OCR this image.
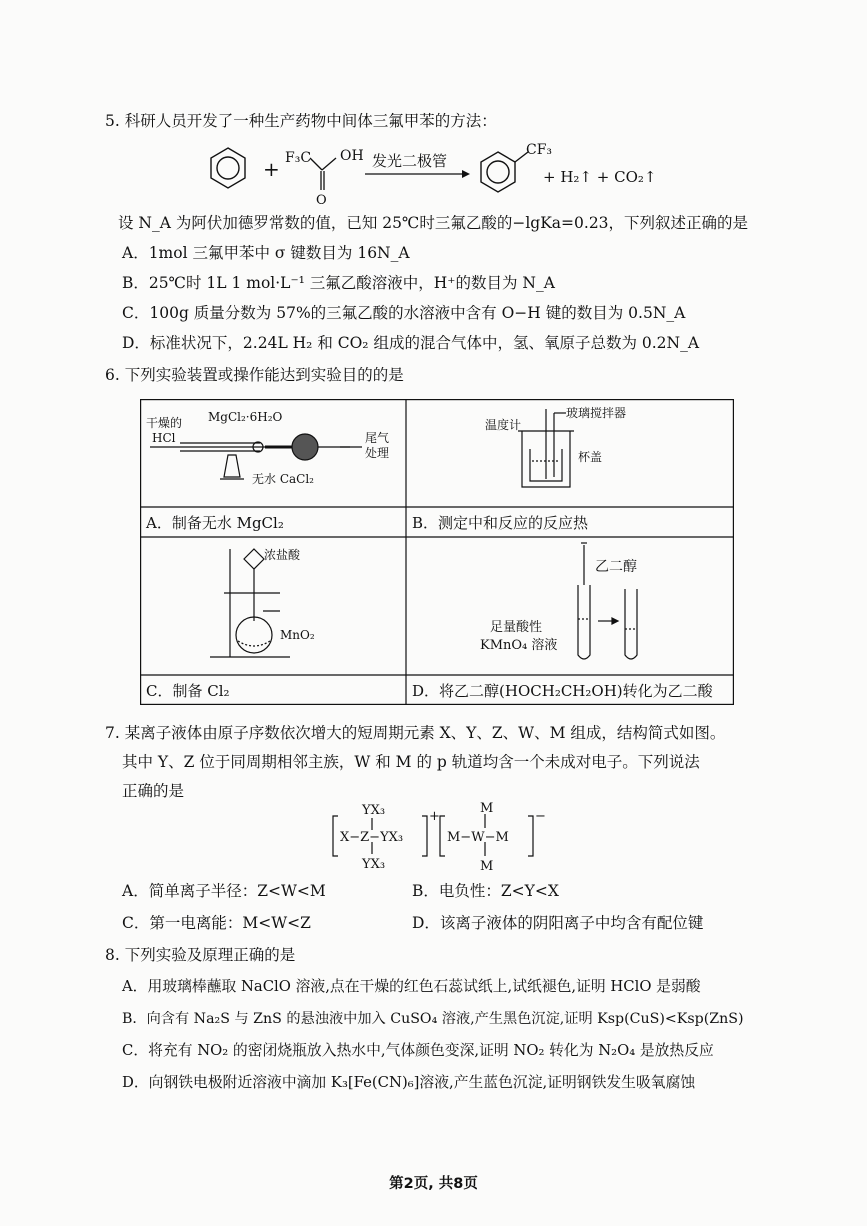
5. 科研人员开发了一种生产药物中间体三氟甲苯的方法：
+ F₃C OH
O
发光二极管
CF₃
+ H₂↑ + CO₂↑
设 N_A 为阿伏加德罗常数的值，已知 25℃时三氟乙酸的−lgKa=0.23，下列叙述正确的是
A．1mol 三氟甲苯中 σ 键数目为 16N_A
B．25℃时 1L 1 mol·L⁻¹ 三氟乙酸溶液中，H⁺的数目为 N_A
C．100g 质量分数为 57%的三氟乙酸的水溶液中含有 O−H 键的数目为 0.5N_A
D．标准状况下，2.24L H₂ 和 CO₂ 组成的混合气体中，氢、氧原子总数为 0.2N_A
6. 下列实验装置或操作能达到实验目的的是
干燥的
HCl
MgCl₂·6H₂O
尾气
处理
无水 CaCl₂
温度计
玻璃搅拌器
杯盖
浓盐酸
MnO₂
乙二醇
足量酸性
KMnO₄ 溶液
A．制备无水 MgCl₂	B．测定中和反应的反应热
C．制备 Cl₂	D．将乙二醇(HOCH₂CH₂OH)转化为乙二酸
7. 某离子液体由原子序数依次增大的短周期元素 X、Y、Z、W、M 组成，结构简式如图。
其中 Y、Z 位于同周期相邻主族，W 和 M 的 p 轨道均含一个未成对电子。下列说法
正确的是
YX₃
X−Z−YX₃
YX₃
+
M
M−W−M
M
−
A．简单离子半径：Z<W<M	B．电负性：Z<Y<X
C．第一电离能：M<W<Z	D．该离子液体的阴阳离子中均含有配位键
8. 下列实验及原理正确的是
A．用玻璃棒蘸取 NaClO 溶液,点在干燥的红色石蕊试纸上,试纸褪色,证明 HClO 是弱酸
B．向含有 Na₂S 与 ZnS 的悬浊液中加入 CuSO₄ 溶液,产生黑色沉淀,证明 Ksp(CuS)<Ksp(ZnS)
C．将充有 NO₂ 的密闭烧瓶放入热水中,气体颜色变深,证明 NO₂ 转化为 N₂O₄ 是放热反应
D．向钢铁电极附近溶液中滴加 K₃[Fe(CN)₆]溶液,产生蓝色沉淀,证明钢铁发生吸氧腐蚀
第2页, 共8页
